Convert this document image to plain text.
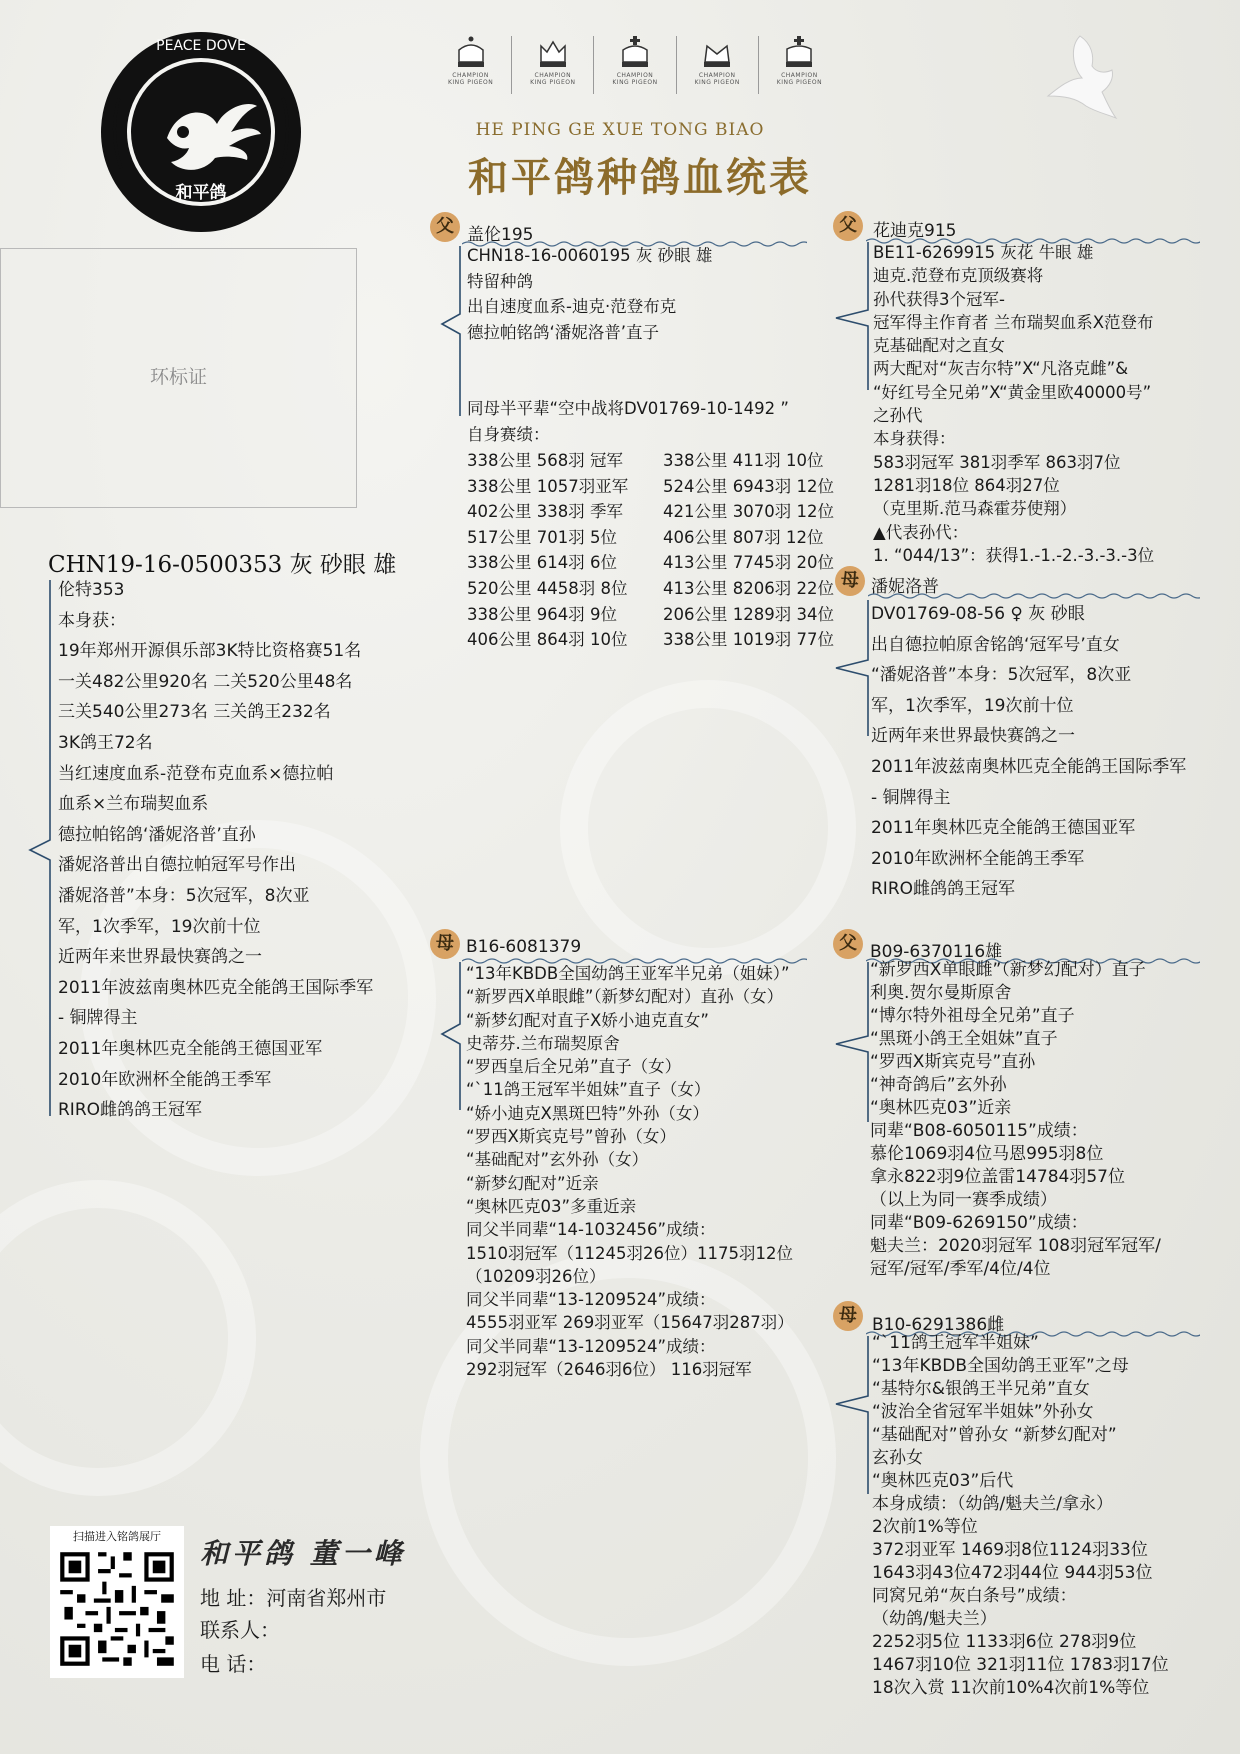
PEACE DOVE
和平鸽
CHAMPION
KING PIGEON
CHAMPION
KING PIGEON
CHAMPION
KING PIGEON
CHAMPION
KING PIGEON
CHAMPION
KING PIGEON
HE PING GE XUE TONG BIAO
和平鸽种鸽血统表
环标证
CHN19-16-0500353 灰 砂眼 雄
伦特353
本身获：
19年郑州开源俱乐部3K特比资格赛51名
一关482公里920名 二关520公里48名
三关540公里273名 三关鸽王232名
3K鸽王72名
当红速度血系-范登布克血系×德拉帕
血系×兰布瑞契血系
德拉帕铭鸽‘潘妮洛普’直孙
潘妮洛普出自德拉帕冠军号作出
潘妮洛普”本身：5次冠军，8次亚
军，1次季军，19次前十位
近两年来世界最快赛鸽之一
2011年波兹南奥林匹克全能鸽王国际季军
- 铜牌得主
2011年奥林匹克全能鸽王德国亚军
2010年欧洲杯全能鸽王季军
RIRO雌鸽鸽王冠军
父 盖伦195
CHN18-16-0060195 灰 砂眼 雄
特留种鸽
出自速度血系-迪克·范登布克
德拉帕铭鸽‘潘妮洛普’直子
同母半平辈“空中战将DV01769-10-1492 ”
自身赛绩：
338公里 568羽 冠军	338公里 411羽 10位
338公里 1057羽亚军	524公里 6943羽 12位
402公里 338羽 季军	421公里 3070羽 12位
517公里 701羽 5位	406公里 807羽 12位
338公里 614羽 6位	413公里 7745羽 20位
520公里 4458羽 8位	413公里 8206羽 22位
338公里 964羽 9位	206公里 1289羽 34位
406公里 864羽 10位	338公里 1019羽 77位
父 花迪克915
BE11-6269915 灰花 牛眼 雄
迪克.范登布克顶级赛将
孙代获得3个冠军-
冠军得主作育者 兰布瑞契血系X范登布
克基础配对之直女
两大配对“灰吉尔特”X“凡洛克雌”&
“好红号全兄弟”X“黄金里欧40000号”
之孙代
本身获得：
583羽冠军 381羽季军 863羽7位
1281羽18位 864羽27位
（克里斯.范马森霍芬使翔）
▲代表孙代：
1. “044/13”：获得1.-1.-2.-3.-3.-3位
母 潘妮洛普
DV01769-08-56 ♀ 灰 砂眼
出自德拉帕原舍铭鸽‘冠军号’直女
“潘妮洛普”本身：5次冠军，8次亚
军，1次季军，19次前十位
近两年来世界最快赛鸽之一
2011年波兹南奥林匹克全能鸽王国际季军
- 铜牌得主
2011年奥林匹克全能鸽王德国亚军
2010年欧洲杯全能鸽王季军
RIRO雌鸽鸽王冠军
母 B16-6081379
“13年KBDB全国幼鸽王亚军半兄弟（姐妹）”
“新罗西X单眼雌”（新梦幻配对）直孙（女）
“新梦幻配对直子X娇小迪克直女”
史蒂芬.兰布瑞契原舍
“罗西皇后全兄弟”直子（女）
“`11鸽王冠军半姐妹”直子（女）
“娇小迪克X黑斑巴特”外孙（女）
“罗西X斯宾克号”曾孙（女）
“基础配对”玄外孙（女）
“新梦幻配对”近亲
“奥林匹克03”多重近亲
同父半同辈“14-1032456”成绩：
1510羽冠军（11245羽26位）1175羽12位
（10209羽26位）
同父半同辈“13-1209524”成绩：
4555羽亚军 269羽亚军（15647羽287羽）
同父半同辈“13-1209524”成绩：
292羽冠军（2646羽6位） 116羽冠军
父 B09-6370116雄
“新罗西X单眼雌”（新梦幻配对）直子
利奥.贺尔曼斯原舍
“博尔特外祖母全兄弟”直子
“黑斑小鸽王全姐妹”直子
“罗西X斯宾克号”直孙
“神奇鸽后”玄外孙
“奥林匹克03”近亲
同辈“B08-6050115”成绩：
慕伦1069羽4位马恩995羽8位
拿永822羽9位盖雷14784羽57位
（以上为同一赛季成绩）
同辈“B09-6269150”成绩：
魁夫兰：2020羽冠军 108羽冠军冠军/
冠军/冠军/季军/4位/4位
母 B10-6291386雌
“`11鸽王冠军半姐妹”
“13年KBDB全国幼鸽王亚军”之母
“基特尔&银鸽王半兄弟”直女
“波治全省冠军半姐妹”外孙女
“基础配对”曾孙女 “新梦幻配对”
玄孙女
“奥林匹克03”后代
本身成绩：（幼鸽/魁夫兰/拿永）
2次前1%等位
372羽亚军 1469羽8位1124羽33位
1643羽43位472羽44位 944羽53位
同窝兄弟“灰白条号”成绩：
（幼鸽/魁夫兰）
2252羽5位 1133羽6位 278羽9位
1467羽10位 321羽11位 1783羽17位
18次入赏 11次前10%4次前1%等位
扫描进入铭鸽展厅
和平鸽 董一峰
地 址：河南省郑州市
联系人：
电 话：
